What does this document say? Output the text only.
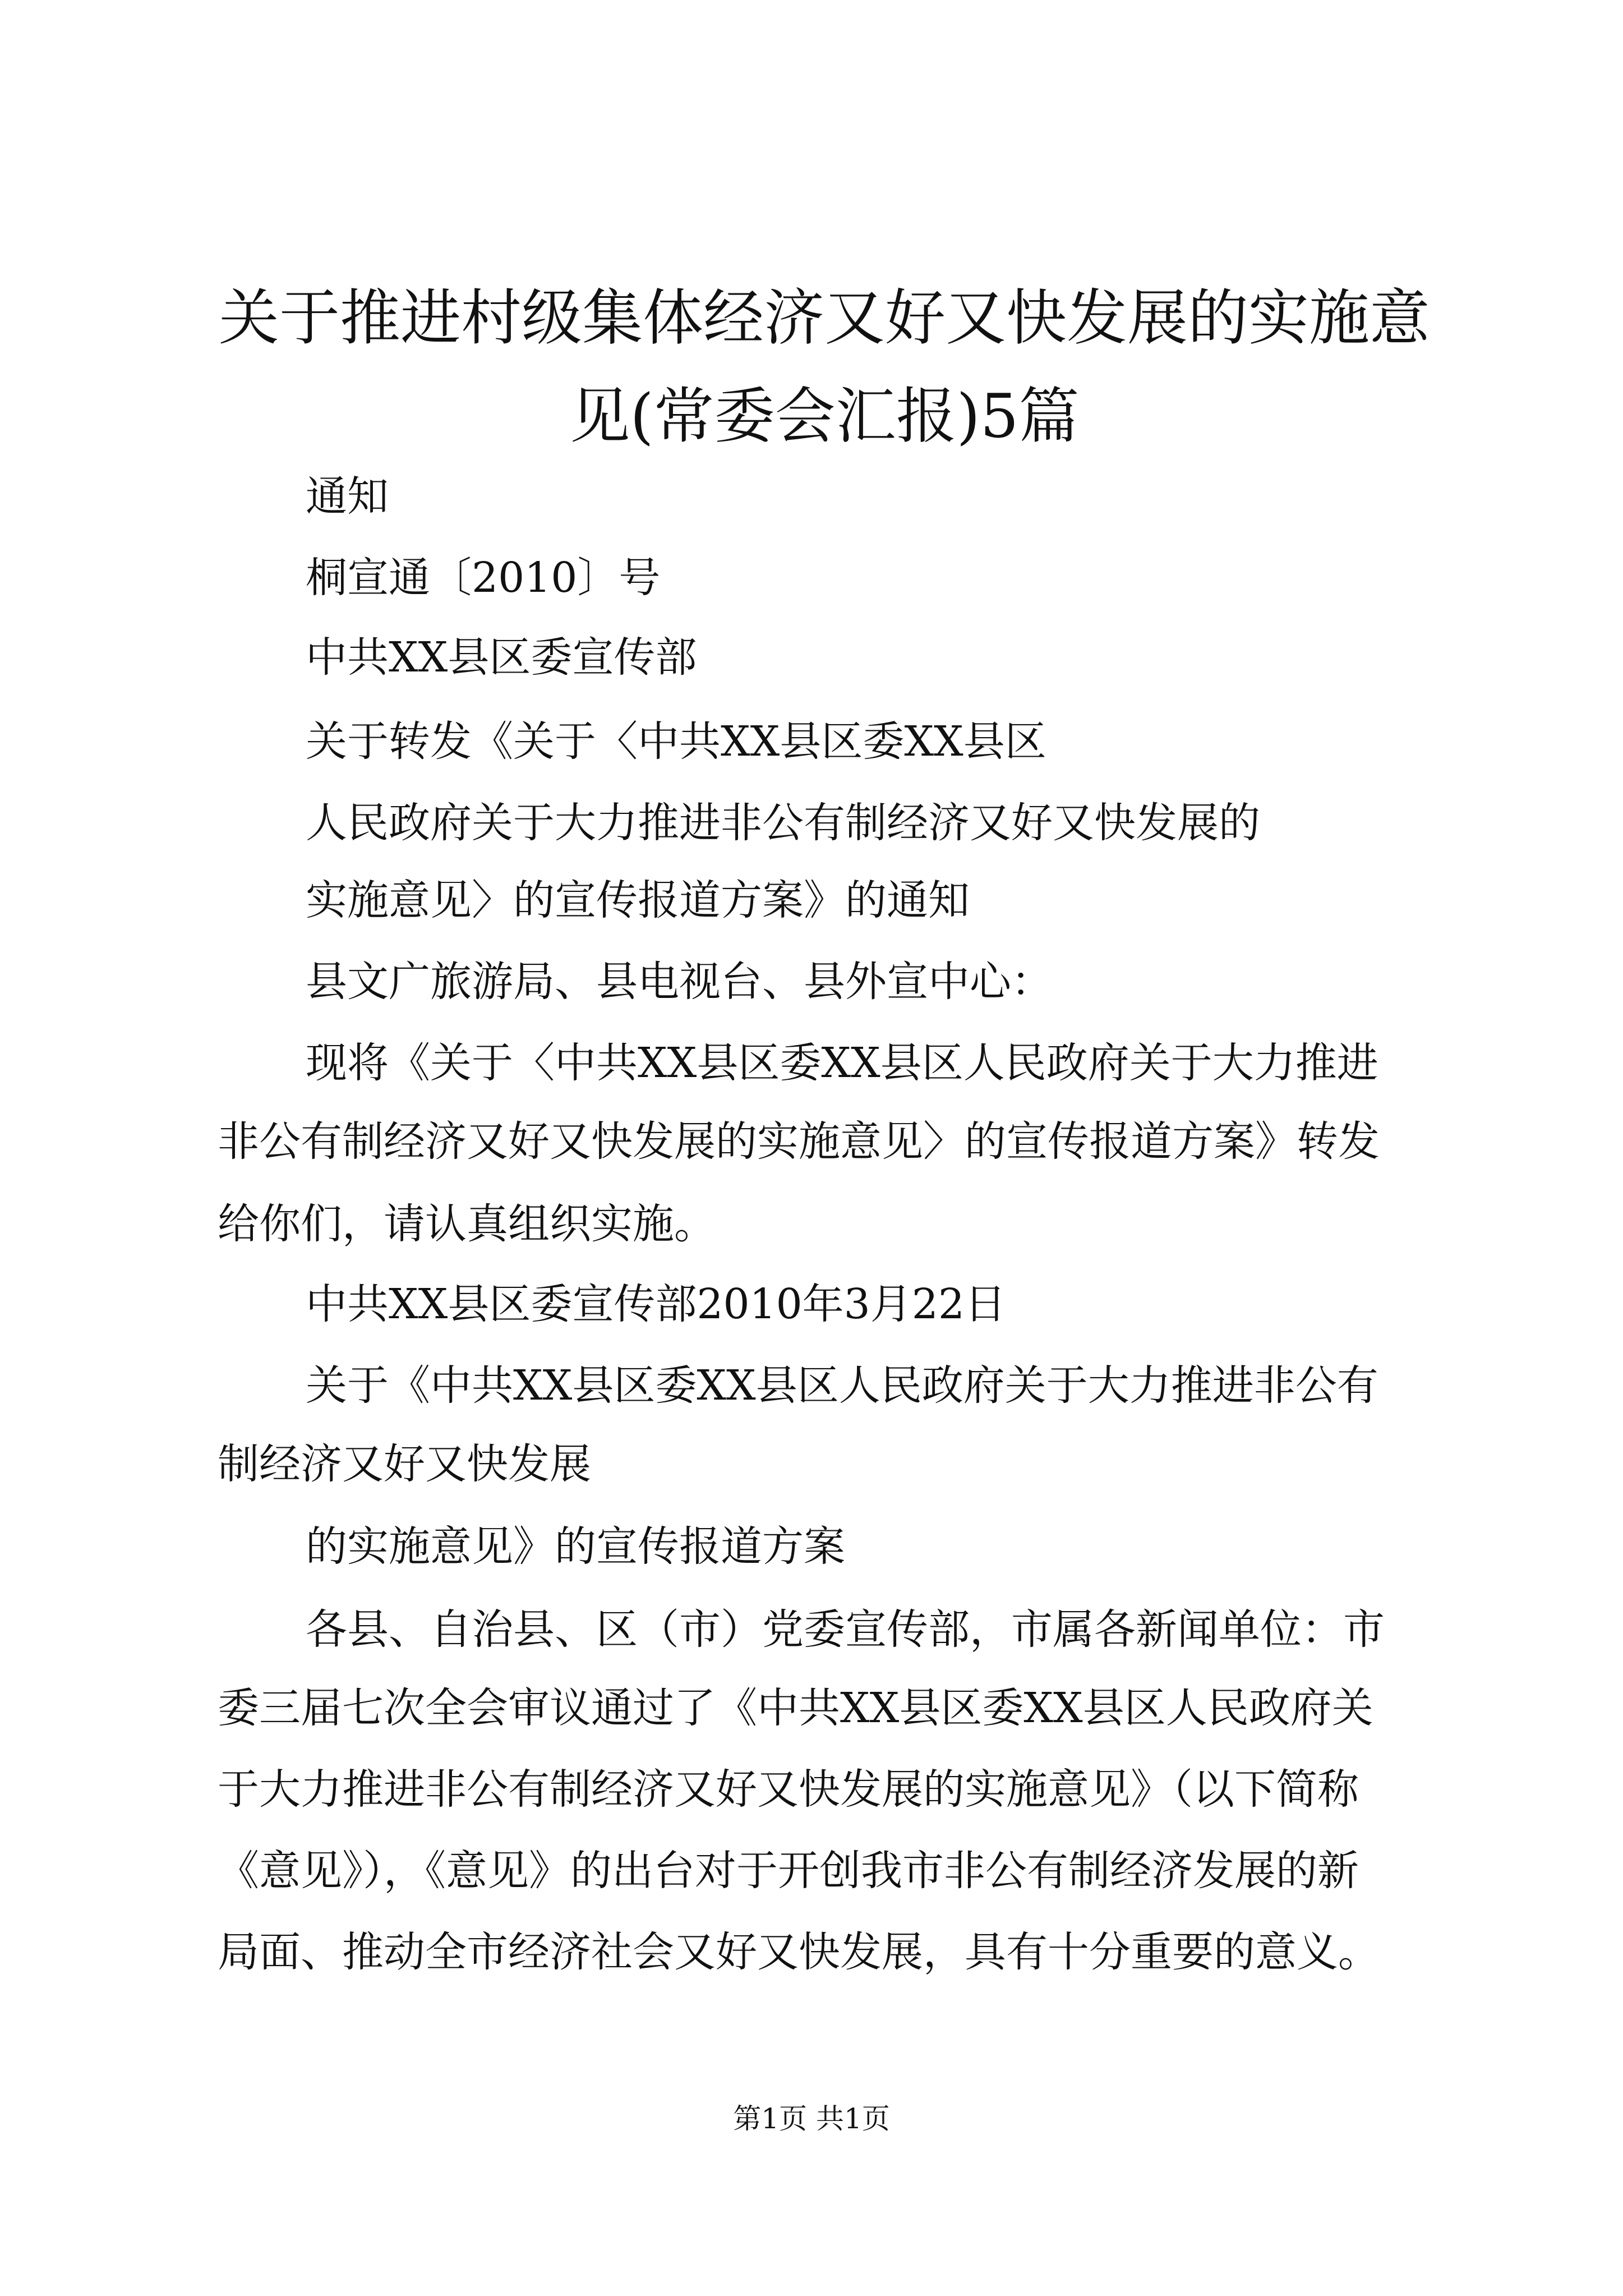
关于推进村级集体经济又好又快发展的实施意
见(常委会汇报)5篇

通知

桐宣通〔2010〕号

中共XX县区委宣传部

关于转发《关于〈中共XX县区委XX县区

人民政府关于大力推进非公有制经济又好又快发展的

实施意见〉的宣传报道方案》的通知

县文广旅游局、县电视台、县外宣中心：

现将《关于〈中共XX县区委XX县区人民政府关于大力推进

非公有制经济又好又快发展的实施意见〉的宣传报道方案》转发

给你们，请认真组织实施。

中共XX县区委宣传部2010年3月22日

关于《中共XX县区委XX县区人民政府关于大力推进非公有

制经济又好又快发展

的实施意见》的宣传报道方案

各县、自治县、区（市）党委宣传部，市属各新闻单位：市

委三届七次全会审议通过了《中共XX县区委XX县区人民政府关

于大力推进非公有制经济又好又快发展的实施意见》（以下简称

《意见》），《意见》的出台对于开创我市非公有制经济发展的新

局面、推动全市经济社会又好又快发展，具有十分重要的意义。

第1页 共1页
